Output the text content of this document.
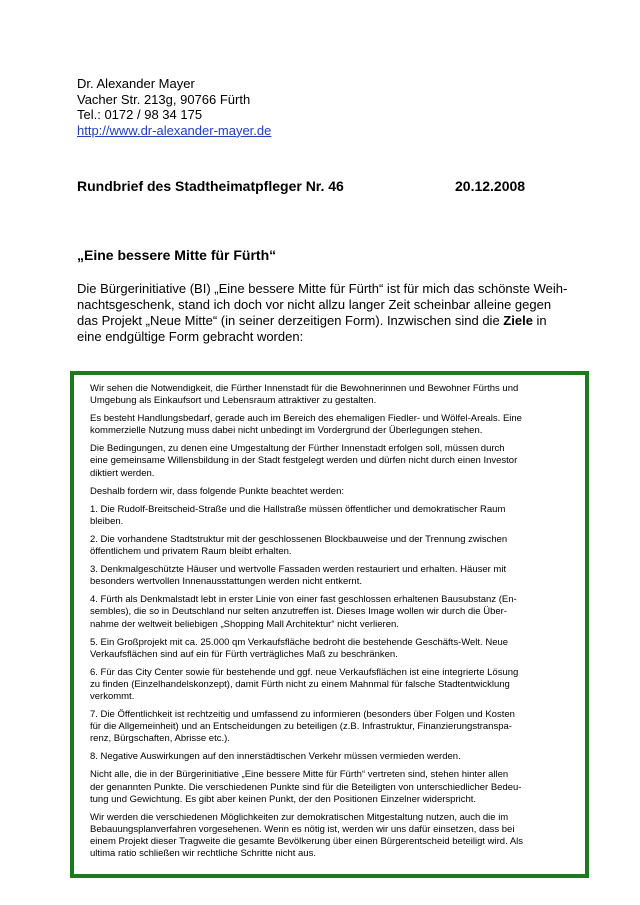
Dr. Alexander Mayer
Vacher Str. 213g, 90766 Fürth
Tel.: 0172 / 98 34 175
http://www.dr-alexander-mayer.de
Rundbrief des Stadtheimatpfleger Nr. 46	20.12.2008
„Eine bessere Mitte für Fürth“
Die Bürgerinitiative (BI) „Eine bessere Mitte für Fürth“ ist für mich das schönste Weih-
nachtsgeschenk, stand ich doch vor nicht allzu langer Zeit scheinbar alleine gegen
das Projekt „Neue Mitte“ (in seiner derzeitigen Form). Inzwischen sind die Ziele in
eine endgültige Form gebracht worden:
Wir sehen die Notwendigkeit, die Fürther Innenstadt für die Bewohnerinnen und Bewohner Fürths und
Umgebung als Einkaufsort und Lebensraum attraktiver zu gestalten.
Es besteht Handlungsbedarf, gerade auch im Bereich des ehemaligen Fiedler- und Wölfel-Areals. Eine
kommerzielle Nutzung muss dabei nicht unbedingt im Vordergrund der Überlegungen stehen.
Die Bedingungen, zu denen eine Umgestaltung der Fürther Innenstadt erfolgen soll, müssen durch
eine gemeinsame Willensbildung in der Stadt festgelegt werden und dürfen nicht durch einen Investor
diktiert werden.
Deshalb fordern wir, dass folgende Punkte beachtet werden:
1. Die Rudolf-Breitscheid-Straße und die Hallstraße müssen öffentlicher und demokratischer Raum
bleiben.
2. Die vorhandene Stadtstruktur mit der geschlossenen Blockbauweise und der Trennung zwischen
öffentlichem und privatem Raum bleibt erhalten.
3. Denkmalgeschützte Häuser und wertvolle Fassaden werden restauriert und erhalten. Häuser mit
besonders wertvollen Innenausstattungen werden nicht entkernt.
4. Fürth als Denkmalstadt lebt in erster Linie von einer fast geschlossen erhaltenen Bausubstanz (En-
sembles), die so in Deutschland nur selten anzutreffen ist. Dieses Image wollen wir durch die Über-
nahme der weltweit beliebigen „Shopping Mall Architektur“ nicht verlieren.
5. Ein Großprojekt mit ca. 25.000 qm Verkaufsfläche bedroht die bestehende Geschäfts-Welt. Neue
Verkaufsflächen sind auf ein für Fürth verträgliches Maß zu beschränken.
6. Für das City Center sowie für bestehende und ggf. neue Verkaufsflächen ist eine integrierte Lösung
zu finden (Einzelhandelskonzept), damit Fürth nicht zu einem Mahnmal für falsche Stadtentwicklung
verkommt.
7. Die Öffentlichkeit ist rechtzeitig und umfassend zu informieren (besonders über Folgen und Kosten
für die Allgemeinheit) und an Entscheidungen zu beteiligen (z.B. Infrastruktur, Finanzierungstranspa-
renz, Bürgschaften, Abrisse etc.).
8. Negative Auswirkungen auf den innerstädtischen Verkehr müssen vermieden werden.
Nicht alle, die in der Bürgerinitiative „Eine bessere Mitte für Fürth“ vertreten sind, stehen hinter allen
der genannten Punkte. Die verschiedenen Punkte sind für die Beteiligten von unterschiedlicher Bedeu-
tung und Gewichtung. Es gibt aber keinen Punkt, der den Positionen Einzelner widerspricht.
Wir werden die verschiedenen Möglichkeiten zur demokratischen Mitgestaltung nutzen, auch die im
Bebauungsplanverfahren vorgesehenen. Wenn es nötig ist, werden wir uns dafür einsetzen, dass bei
einem Projekt dieser Tragweite die gesamte Bevölkerung über einen Bürgerentscheid beteiligt wird. Als
ultima ratio schließen wir rechtliche Schritte nicht aus.
